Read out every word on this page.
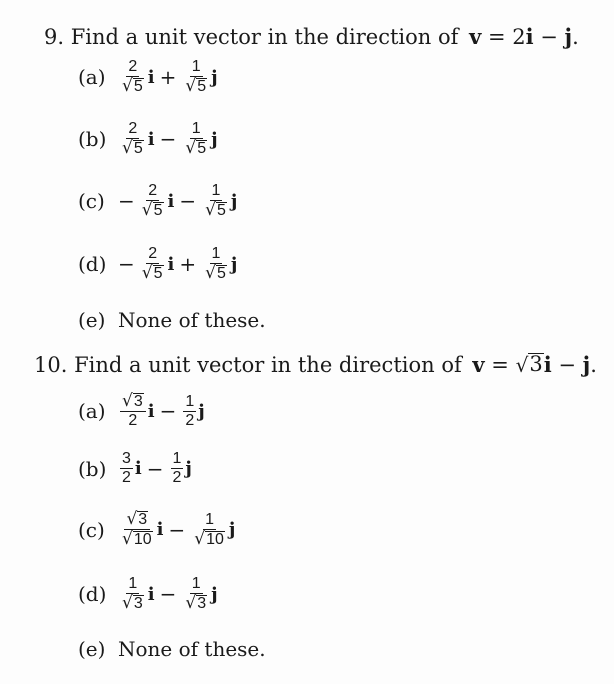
9. Find a unit vector in the direction of v = 2i − j.
$(a) \frac{2}{√ 5}$ $i + \frac{1}{√ 5}$ j
$(b) \frac{2}{√ 5}$ $i - \frac{1}{√ 5}$ j
$(c) - \frac{2}{√ 5}$ $i - \frac{1}{√ 5}$ j
$(d) - \frac{2}{√ 5}$ $i + \frac{1}{√ 5}$ j
(e) None of these.
10. Find a unit vector in the direction of v = √ 3 i − j.
$(a) \frac{√ 3}{2}$ $i - \frac{1}{2}$ j
$(b) \frac{3}{2}$ $i - \frac{1}{2}$ j
$(c) \frac{√ 3}{√ 10}$ $i - \frac{1}{√ 10}$ j
$(d) \frac{1}{√ 3}$ $i - \frac{1}{√ 3}$ j
(e) None of these.
